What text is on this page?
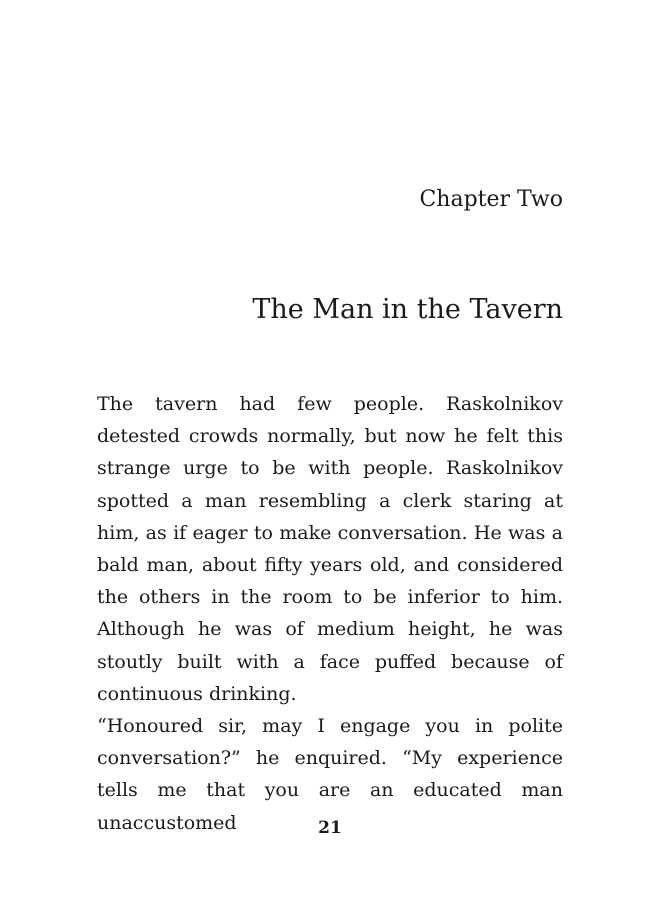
Chapter Two
The Man in the Tavern

The tavern had few people. Raskolnikov detested crowds normally, but now he felt this strange urge to be with people. Raskolnikov spotted a man resembling a clerk staring at him, as if eager to make conversation. He was a bald man, about fifty years old, and considered the others in the room to be inferior to him. Although he was of medium height, he was stoutly built with a face puffed because of continuous drinking.

“Honoured sir, may I engage you in polite conversation?” he enquired. “My experience tells me that you are an educated man unaccustomed	21
